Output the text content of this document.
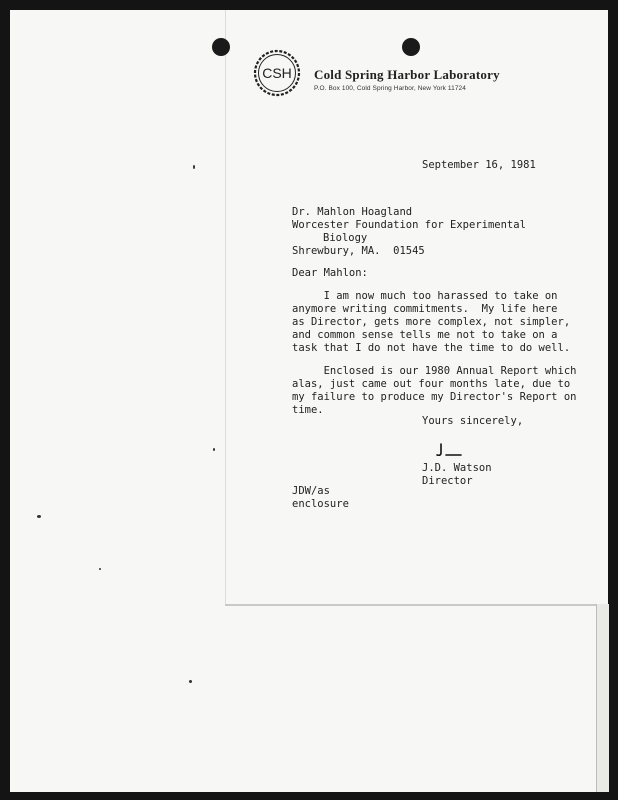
CSH Cold Spring Harbor Laboratory
P.O. Box 100, Cold Spring Harbor, New York 11724
September 16, 1981
Dr. Mahlon Hoagland
Worcester Foundation for Experimental
Biology
Shrewbury, MA.  01545
Dear Mahlon:
I am now much too harassed to take on
anymore writing commitments.  My life here
as Director, gets more complex, not simpler,
and common sense tells me not to take on a
task that I do not have the time to do well.
Enclosed is our 1980 Annual Report which
alas, just came out four months late, due to
my failure to produce my Director's Report on
time.
Yours sincerely,
J.D. Watson
Director
JDW/as
enclosure
